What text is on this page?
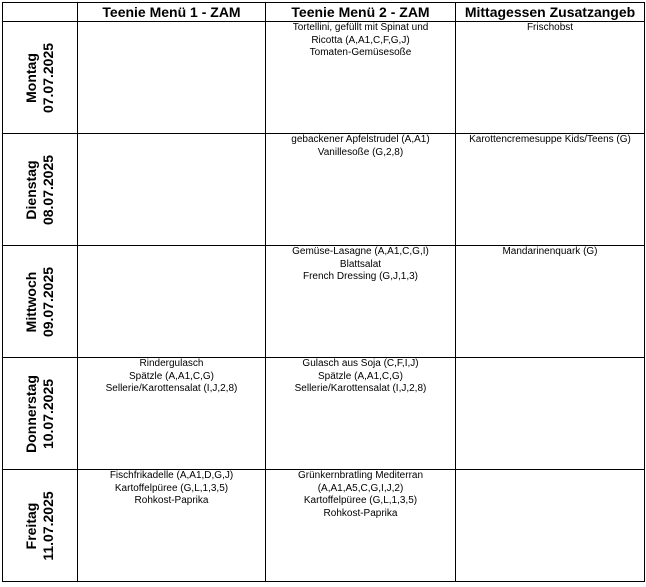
	Teenie Menü 1 - ZAM	Teenie Menü 2 - ZAM	Mittagessen Zusatzangeb

Montag 07.07.2025		Tortellini, gefüllt mit Spinat und
Ricotta (A,A1,C,F,G,J)
Tomaten-Gemüsesoße	Frischobst

Dienstag 08.07.2025		gebackener Apfelstrudel (A,A1)
Vanillesoße (G,2,8)	Karottencremesuppe Kids/Teens (G)

Mittwoch 09.07.2025		Gemüse-Lasagne (A,A1,C,G,I)
Blattsalat
French Dressing (G,J,1,3)	Mandarinenquark (G)

Donnerstag 10.07.2025	Rindergulasch
Spätzle (A,A1,C,G)
Sellerie/Karottensalat (I,J,2,8)	Gulasch aus Soja (C,F,I,J)
Spätzle (A,A1,C,G)
Sellerie/Karottensalat (I,J,2,8)	

Freitag 11.07.2025	Fischfrikadelle (A,A1,D,G,J)
Kartoffelpüree (G,L,1,3,5)
Rohkost-Paprika	Grünkernbratling Mediterran
(A,A1,A5,C,G,I,J,2)
Kartoffelpüree (G,L,1,3,5)
Rohkost-Paprika	
